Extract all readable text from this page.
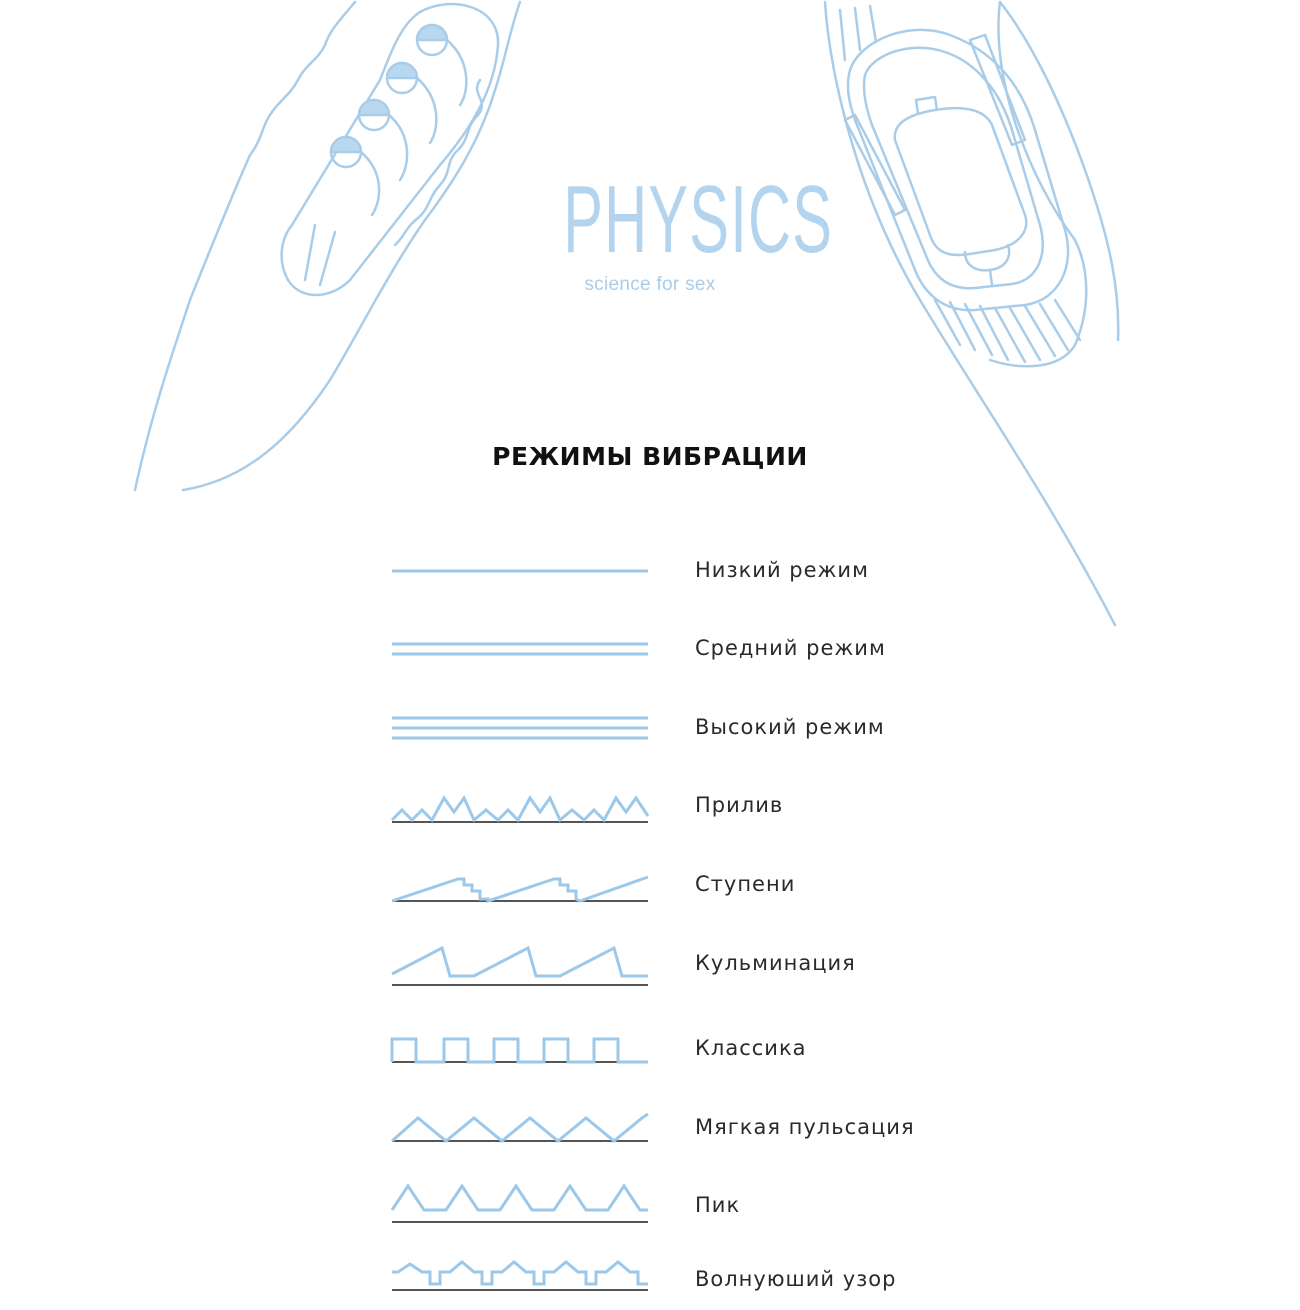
PHYSICS
science for sex
РЕЖИМЫ ВИБРАЦИИ
Низкий режим
Средний режим
Высокий режим
Прилив
Ступени
Кульминация
Классика
Мягкая пульсация
Пик
Волнуюший узор
